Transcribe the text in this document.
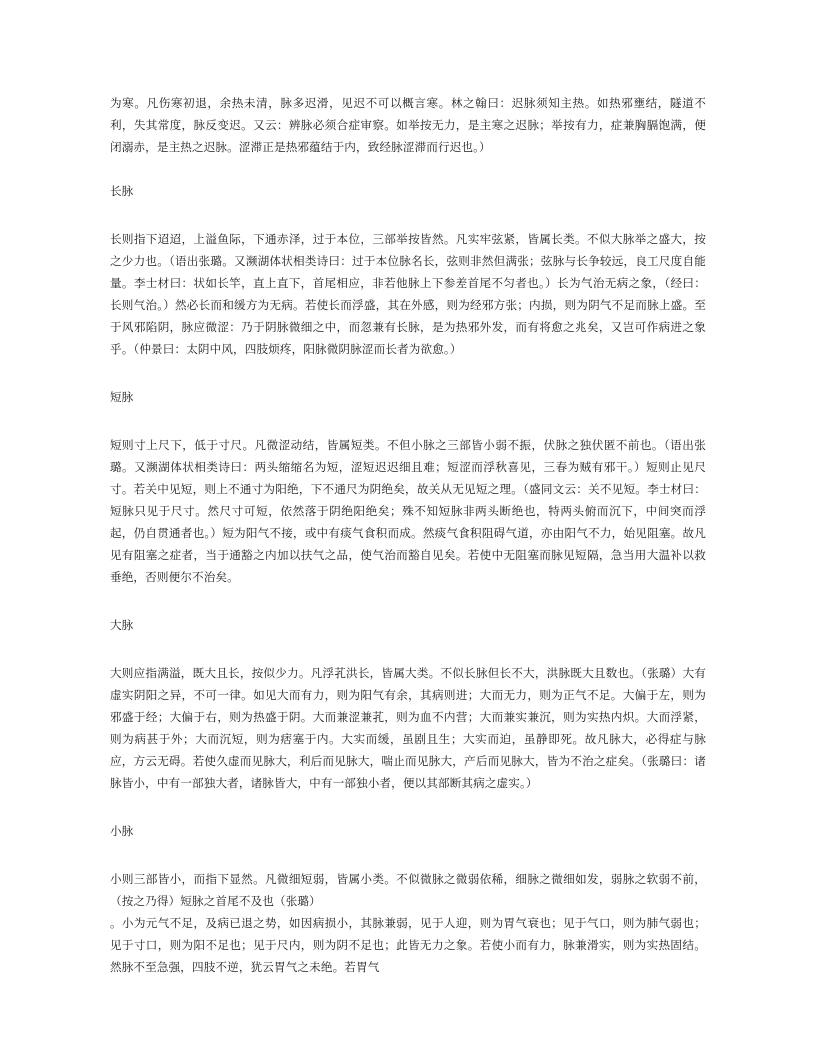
为寒。凡伤寒初退，余热未清，脉多迟滑，见迟不可以概言寒。林之翰曰：迟脉须知主热。如热邪壅结，隧道不利，失其常度，脉反变迟。又云：辨脉必须合症审察。如举按无力，是主寒之迟脉；举按有力，症兼胸膈饱满，便闭溺赤，是主热之迟脉。涩滞正是热邪蕴结于内，致经脉涩滞而行迟也。）

长脉

长则指下迢迢，上溢鱼际，下通赤泽，过于本位，三部举按皆然。凡实牢弦紧，皆属长类。不似大脉举之盛大，按之少力也。（语出张璐。又濒湖体状相类诗曰：过于本位脉名长，弦则非然但满张；弦脉与长争较远，良工尺度自能量。李士材曰：状如长竿，直上直下，首尾相应，非若他脉上下参差首尾不匀者也。）长为气治无病之象，（经曰：长则气治。）然必长而和缓方为无病。若使长而浮盛，其在外感，则为经邪方张；内损，则为阴气不足而脉上盛。至于风邪陷阴，脉应微涩：乃于阴脉微细之中，而忽兼有长脉，是为热邪外发，而有将愈之兆矣，又岂可作病进之象乎。（仲景曰：太阴中风，四肢烦疼，阳脉微阴脉涩而长者为欲愈。）

短脉

短则寸上尺下，低于寸尺。凡微涩动结，皆属短类。不但小脉之三部皆小弱不振，伏脉之独伏匿不前也。（语出张璐。又濒湖体状相类诗曰：两头缩缩名为短，涩短迟迟细且难；短涩而浮秋喜见，三春为贼有邪干。）短则止见尺寸。若关中见短，则上不通寸为阳绝，下不通尺为阴绝矣，故关从无见短之理。（盛同文云：关不见短。李士材曰：短脉只见于尺寸。然尺寸可短，依然落于阴绝阳绝矣；殊不知短脉非两头断绝也，特两头俯而沉下，中间突而浮起，仍自贯通者也。）短为阳气不接，或中有痰气食积而成。然痰气食积阻碍气道，亦由阳气不力，始见阻塞。故凡见有阻塞之症者，当于通豁之内加以扶气之品，使气治而豁自见矣。若使中无阻塞而脉见短隔，急当用大温补以救垂绝，否则便尔不治矣。

大脉

大则应指满溢，既大且长，按似少力。凡浮芤洪长，皆属大类。不似长脉但长不大，洪脉既大且数也。（张璐）大有虚实阴阳之异，不可一律。如见大而有力，则为阳气有余，其病则进；大而无力，则为正气不足。大偏于左，则为邪盛于经；大偏于右，则为热盛于阴。大而兼涩兼芤，则为血不内营；大而兼实兼沉，则为实热内炽。大而浮紧，则为病甚于外；大而沉短，则为痞塞于内。大实而缓，虽剧且生；大实而迫，虽静即死。故凡脉大，必得症与脉应，方云无碍。若使久虚而见脉大，利后而见脉大，喘止而见脉大，产后而见脉大，皆为不治之症矣。（张璐曰：诸脉皆小，中有一部独大者，诸脉皆大，中有一部独小者，便以其部断其病之虚实。）

小脉

小则三部皆小，而指下显然。凡微细短弱，皆属小类。不似微脉之微弱依稀，细脉之微细如发，弱脉之软弱不前，（按之乃得）短脉之首尾不及也（张璐）

。小为元气不足，及病已退之势，如因病损小，其脉兼弱，见于人迎，则为胃气衰也；见于气口，则为肺气弱也；见于寸口，则为阳不足也；见于尺内，则为阴不足也；此皆无力之象。若使小而有力，脉兼滑实，则为实热固结。然脉不至急强，四肢不逆，犹云胃气之未绝。若胃气
